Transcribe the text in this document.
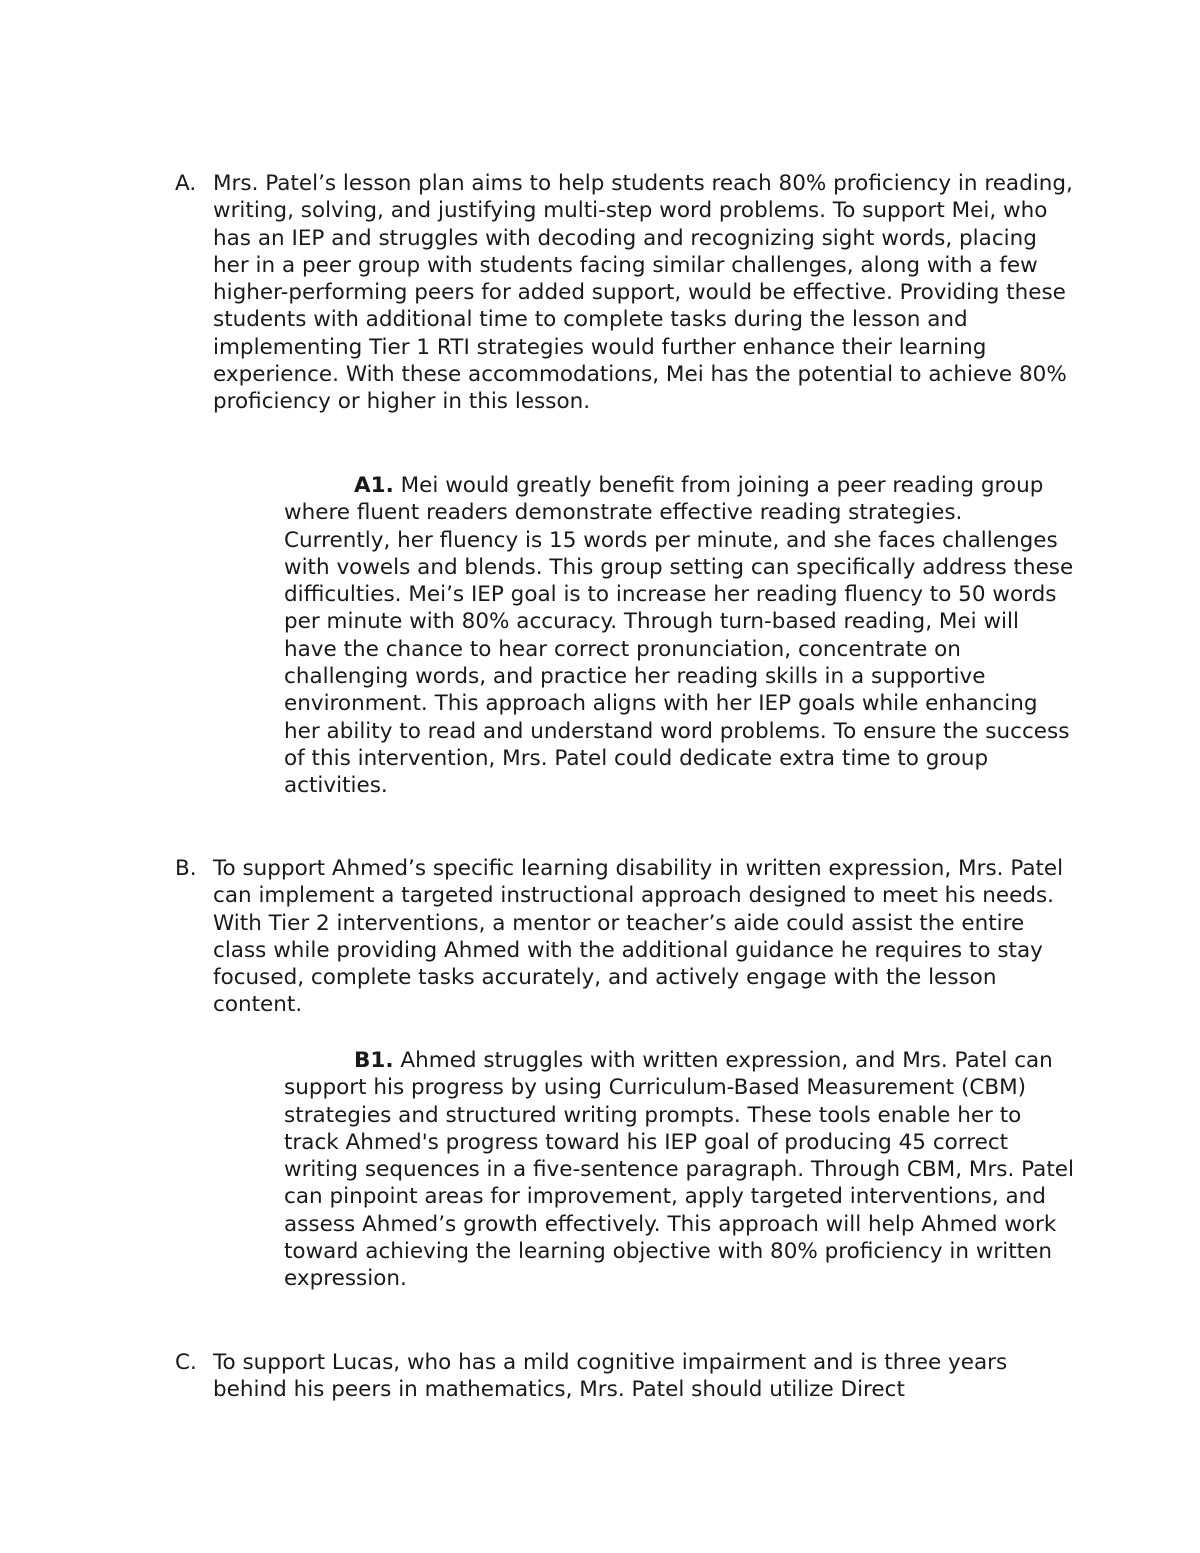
A. Mrs. Patel’s lesson plan aims to help students reach 80% proficiency in reading, writing, solving, and justifying multi-step word problems. To support Mei, who has an IEP and struggles with decoding and recognizing sight words, placing her in a peer group with students facing similar challenges, along with a few higher-performing peers for added support, would be effective. Providing these students with additional time to complete tasks during the lesson and implementing Tier 1 RTI strategies would further enhance their learning experience. With these accommodations, Mei has the potential to achieve 80% proficiency or higher in this lesson.
A1. Mei would greatly benefit from joining a peer reading group where fluent readers demonstrate effective reading strategies. Currently, her fluency is 15 words per minute, and she faces challenges with vowels and blends. This group setting can specifically address these difficulties. Mei’s IEP goal is to increase her reading fluency to 50 words per minute with 80% accuracy. Through turn-based reading, Mei will have the chance to hear correct pronunciation, concentrate on challenging words, and practice her reading skills in a supportive environment. This approach aligns with her IEP goals while enhancing her ability to read and understand word problems. To ensure the success of this intervention, Mrs. Patel could dedicate extra time to group activities.
B. To support Ahmed’s specific learning disability in written expression, Mrs. Patel can implement a targeted instructional approach designed to meet his needs. With Tier 2 interventions, a mentor or teacher’s aide could assist the entire class while providing Ahmed with the additional guidance he requires to stay focused, complete tasks accurately, and actively engage with the lesson content.
B1. Ahmed struggles with written expression, and Mrs. Patel can support his progress by using Curriculum-Based Measurement (CBM) strategies and structured writing prompts. These tools enable her to track Ahmed's progress toward his IEP goal of producing 45 correct writing sequences in a five-sentence paragraph. Through CBM, Mrs. Patel can pinpoint areas for improvement, apply targeted interventions, and assess Ahmed’s growth effectively. This approach will help Ahmed work toward achieving the learning objective with 80% proficiency in written expression.
C. To support Lucas, who has a mild cognitive impairment and is three years behind his peers in mathematics, Mrs. Patel should utilize Direct
